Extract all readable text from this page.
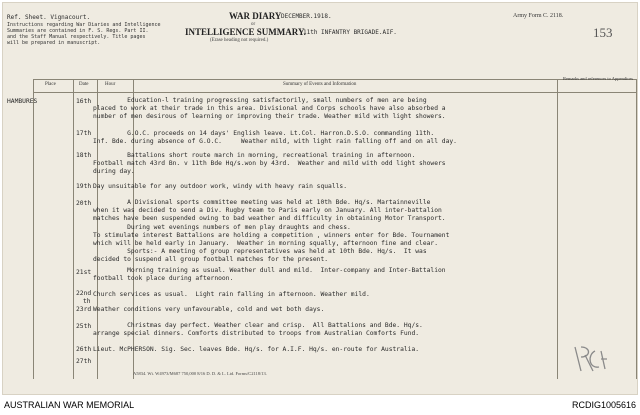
Ref. Sheet. Vignacourt.
Instructions regarding War Diaries and Intelligence
Summaries are contained in F. S. Regs. Part II.
and the Staff Manual respectively. Title pages
will be prepared in manuscript.
WAR DIARY DECEMBER.1918.
or
INTELLIGENCE SUMMARY.
11th INFANTRY BRIGADE.AIF.
(Erase heading not required.)
Army Form C. 2118.
153
Place	Date	Hour	Summary of Events and Information
Remarks and references to Appendices
HAMBURES	16th Education-l training progressing satisfactorily, small numbers of men are being
placed to work at their trade in this area. Divisional and Corps schools have also absorbed a
number of men desirous of learning or improving their trade. Weather mild with light showers.
17th G.O.C. proceeds on 14 days' English leave. Lt.Col. Harron.D.S.O. commanding 11th.
Inf. Bde. during absence of G.O.C.     Weather mild, with light rain falling off and on all day.
18th Battalions short route march in morning, recreational training in afternoon.
Football match 43rd Bn. v 11th Bde Hq/s.won by 43rd.  Weather and mild with odd light showers
during day.
19th Day unsuitable for any outdoor work, windy with heavy rain squalls.
20th A Divisional sports committee meeting was held at 10th Bde. Hq/s. Martainneville
when it was decided to send a Div. Rugby team to Paris early on January. All inter-battalion
matches have been suspended owing to bad weather and difficulty in obtaining Motor Transport.
During wet evenings numbers of men play draughts and chess.
To stimulate interest Battalions are holding a competition , winners enter for Bde. Tournament
which will be held early in January.  Weather in morning squally, afternoon fine and clear.
Sports:- A meeting of group representatives was held at 10th Bde. Hq/s.  It was
decided to suspend all group football matches for the present.
21st Morning training as usual. Weather dull and mild.  Inter-company and Inter-Battalion
football took place during afternoon.
22nd Church services as usual.  Light rain falling in afternoon. Weather mild.
th
23rd Weather conditions very unfavourable, cold and wet both days.
25th Christmas day perfect. Weather clear and crisp.  All Battalions and Bde. Hq/s.
arrange special dinners. Comforts distributed to troops from Australian Comforts Fund.
26th Lieut. McPHERSON. Sig. Sec. leaves Bde. Hq/s. for A.I.F. Hq/s. en-route for Australia.
27th
A5834. Wt. W4973/M687 750,000 8/16 D. D. & L. Ltd. Forms/C2118/13.
AUSTRALIAN WAR MEMORIAL	RCDIG1005616
